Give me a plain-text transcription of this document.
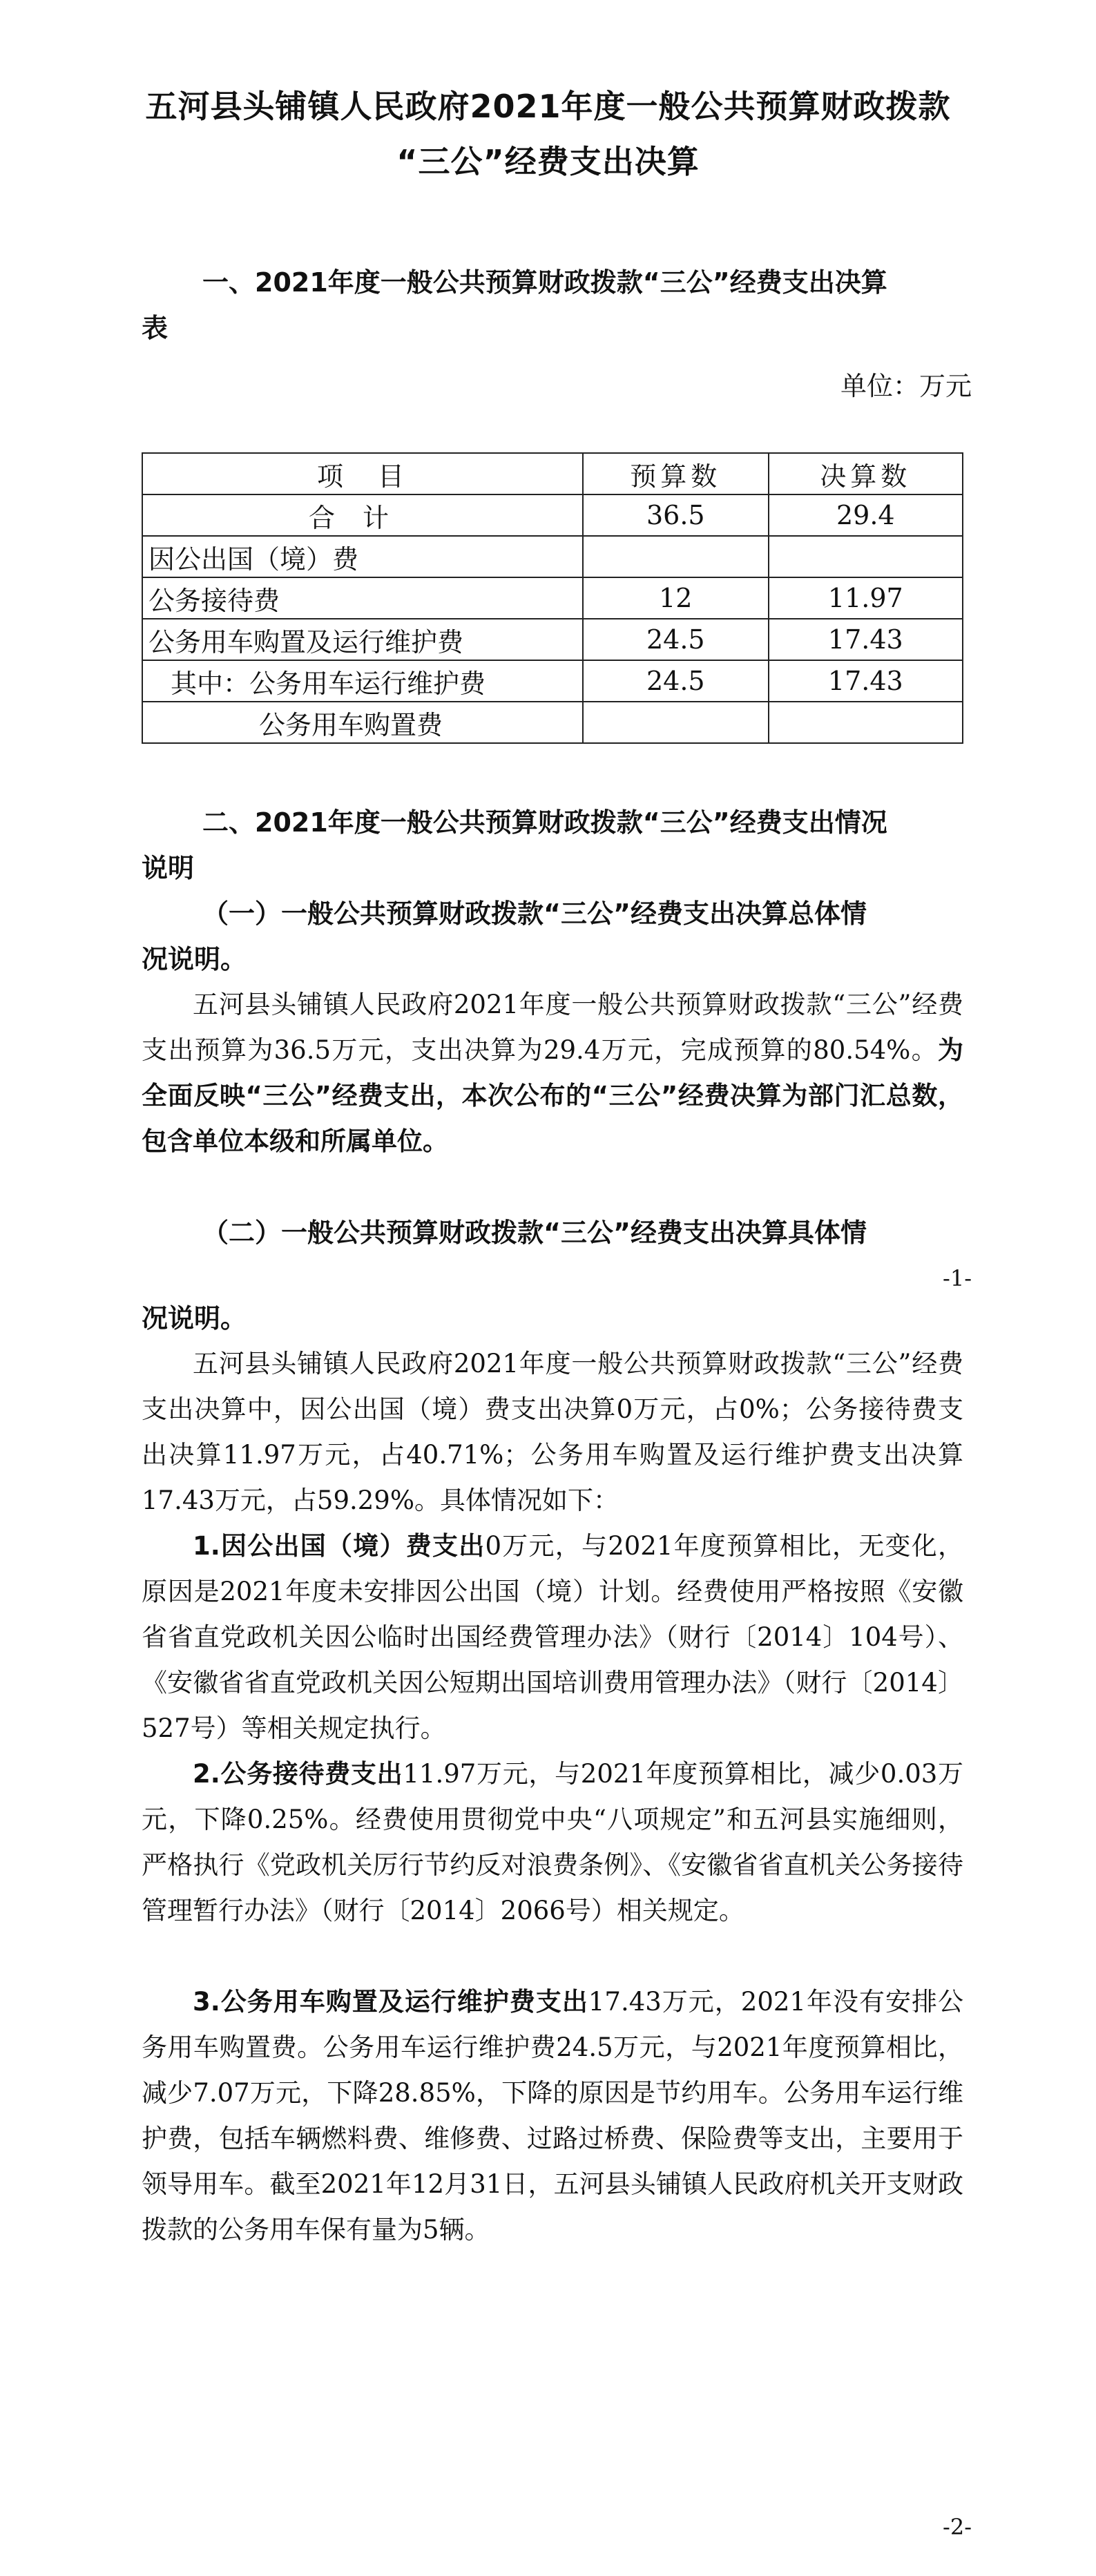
五河县头铺镇人民政府2021年度一般公共预算财政拨款
“三公”经费支出决算
一、2021年度一般公共预算财政拨款“三公”经费支出决算
表
单位：万元
项　目	预算数	决算数
合计	36.5	29.4
因公出国（境）费		
公务接待费	12	11.97
公务用车购置及运行维护费	24.5	17.43
其中：公务用车运行维护费	24.5	17.43
公务用车购置费		
二、2021年度一般公共预算财政拨款“三公”经费支出情况
说明
（一）一般公共预算财政拨款“三公”经费支出决算总体情
况说明。
五河县头铺镇人民政府2021年度一般公共预算财政拨款“三公”经费支出预算为36.5万元，支出决算为29.4万元，完成预算的80.54%。为全面反映“三公”经费支出，本次公布的“三公”经费决算为部门汇总数，包含单位本级和所属单位。
（二）一般公共预算财政拨款“三公”经费支出决算具体情
-1-
况说明。
五河县头铺镇人民政府2021年度一般公共预算财政拨款“三公”经费支出决算中，因公出国（境）费支出决算0万元，占0%；公务接待费支出决算11.97万元，占40.71%；公务用车购置及运行维护费支出决算17.43万元，占59.29%。具体情况如下：
1.因公出国（境）费支出0万元，与2021年度预算相比，无变化，原因是2021年度未安排因公出国（境）计划。经费使用严格按照《安徽省省直党政机关因公临时出国经费管理办法》（财行〔2014〕104号）、《安徽省省直党政机关因公短期出国培训费用管理办法》（财行〔2014〕527号）等相关规定执行。
2.公务接待费支出11.97万元，与2021年度预算相比，减少0.03万元，下降0.25%。经费使用贯彻党中央“八项规定”和五河县实施细则，严格执行《党政机关厉行节约反对浪费条例》、《安徽省省直机关公务接待管理暂行办法》（财行〔2014〕2066号）相关规定。
3.公务用车购置及运行维护费支出17.43万元，2021年没有安排公务用车购置费。公务用车运行维护费24.5万元，与2021年度预算相比，减少7.07万元，下降28.85%，下降的原因是节约用车。公务用车运行维护费，包括车辆燃料费、维修费、过路过桥费、保险费等支出，主要用于领导用车。截至2021年12月31日，五河县头铺镇人民政府机关开支财政拨款的公务用车保有量为5辆。
-2-
